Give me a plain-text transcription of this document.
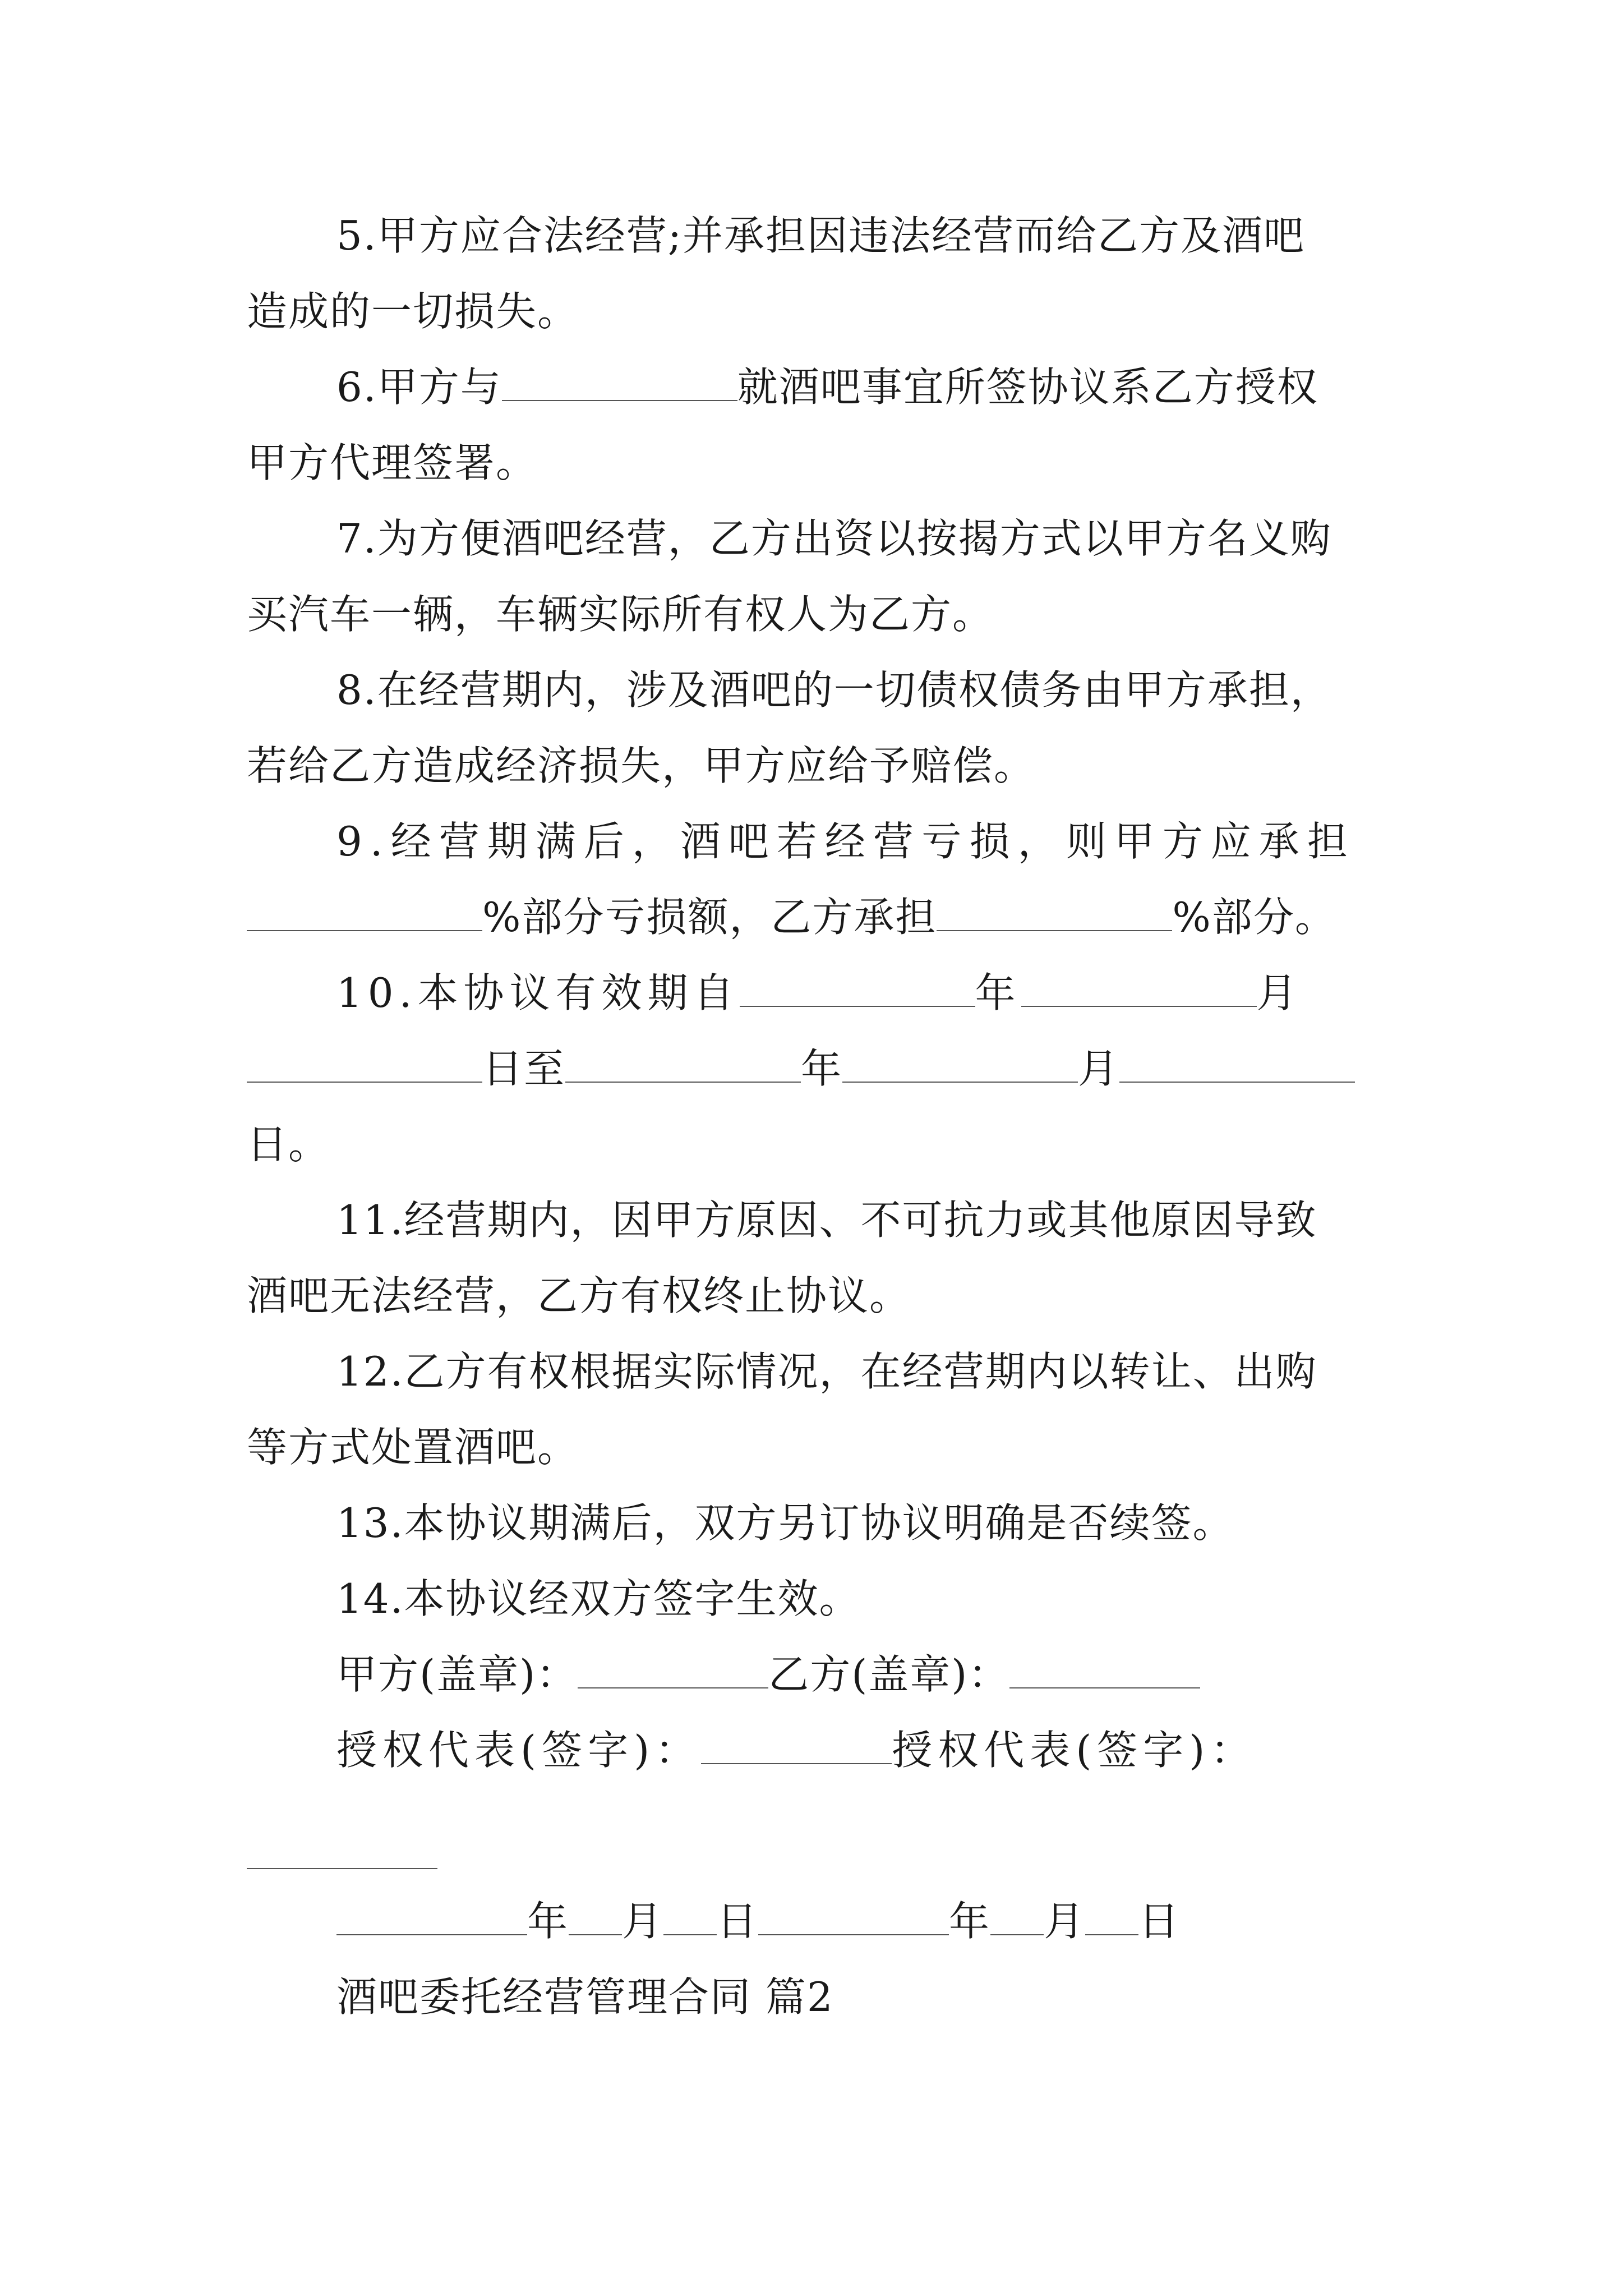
5.甲方应合法经营;并承担因违法经营而给乙方及酒吧
造成的一切损失。
6.甲方与	就酒吧事宜所签协议系乙方授权
甲方代理签署。
7.为方便酒吧经营，乙方出资以按揭方式以甲方名义购
买汽车一辆，车辆实际所有权人为乙方。
8.在经营期内，涉及酒吧的一切债权债务由甲方承担，
若给乙方造成经济损失，甲方应给予赔偿。
9.经营期满后，酒吧若经营亏损，则甲方应承担
%部分亏损额，乙方承担	%部分。
10.本协议有效期自	年	月
日至	年	月
日。
11.经营期内，因甲方原因、不可抗力或其他原因导致
酒吧无法经营，乙方有权终止协议。
12.乙方有权根据实际情况，在经营期内以转让、出购
等方式处置酒吧。
13.本协议期满后，双方另订协议明确是否续签。
14.本协议经双方签字生效。
甲方(盖章)：	乙方(盖章)：
授权代表(签字)：	授权代表(签字)：
年 月 日	年 月 日
酒吧委托经营管理合同 篇2
